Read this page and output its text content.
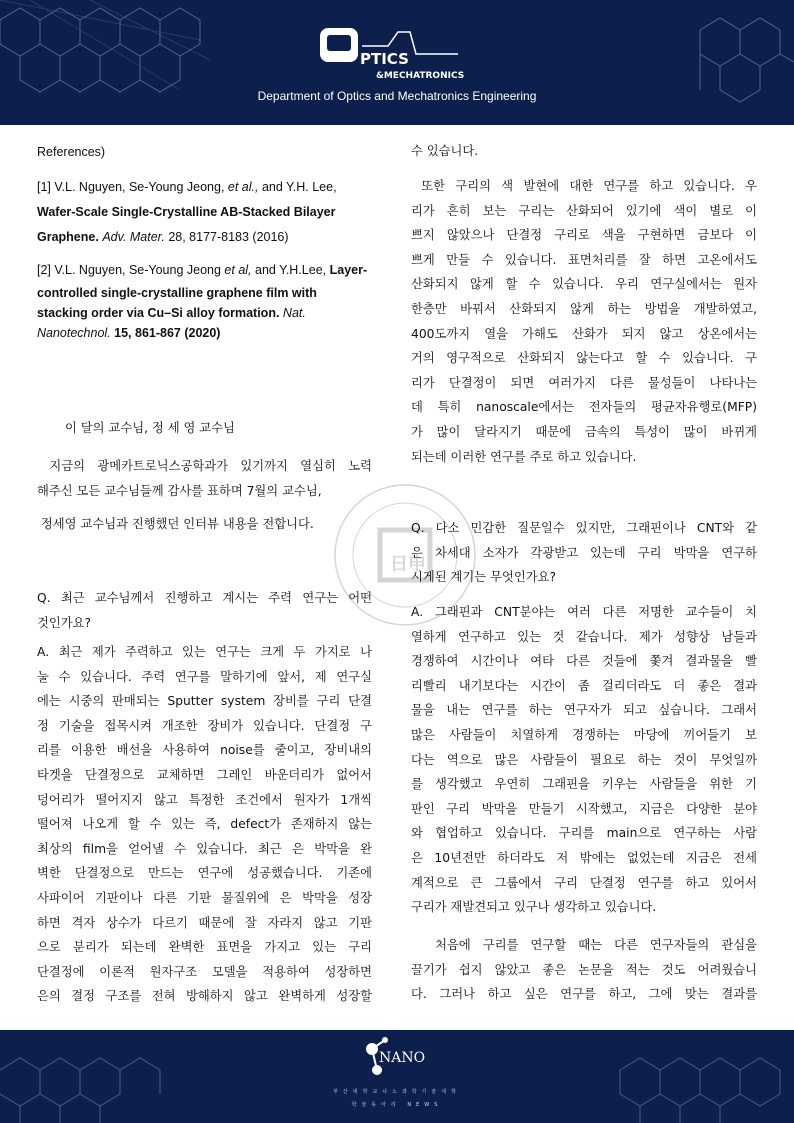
PTICS
&MECHATRONICS
Department of Optics and Mechatronics Engineering
日申
References)
[1] V.L. Nguyen, Se-Young Jeong, et al., and Y.H. Lee,
Wafer-Scale Single-Crystalline AB-Stacked Bilayer
Graphene. Adv. Mater. 28, 8177-8183 (2016)
[2] V.L. Nguyen, Se-Young Jeong et al, and Y.H.Lee, Layer-
controlled single-crystalline graphene film with
stacking order via Cu–Si alloy formation. Nat.
Nanotechnol. 15, 861-867 (2020)
이 달의 교수님, 정 세 영 교수님
지금의 광메카트로닉스공학과가 있기까지 열심히 노력
해주신 모든 교수님들께 감사를 표하며 7월의 교수님,
정세영 교수님과 진행했던 인터뷰 내용을 전합니다.
Q. 최근 교수님께서 진행하고 계시는 주력 연구는 어떤
것인가요?
A. 최근 제가 주력하고 있는 연구는 크게 두 가지로 나
눌 수 있습니다. 주력 연구를 말하기에 앞서, 제 연구실
에는 시중의 판매되는 Sputter system 장비를 구리 단결
정 기술을 접목시켜 개조한 장비가 있습니다. 단결정 구
리를 이용한 배선을 사용하여 noise를 줄이고, 장비내의
타겟을 단결정으로 교체하면 그레인 바운더리가 없어서
덩어리가 떨어지지 않고 특정한 조건에서 원자가 1개씩
떨어져 나오게 할 수 있는 즉, defect가 존재하지 않는
최상의 film을 얻어낼 수 있습니다. 최근 은 박막을 완
벽한 단결정으로 만드는 연구에 성공했습니다. 기존에
사파이어 기판이나 다른 기판 물질위에 은 박막을 성장
하면 격자 상수가 다르기 때문에 잘 자라지 않고 기판
으로 분리가 되는데 완벽한 표면을 가지고 있는 구리
단결정에 이론적 원자구조 모델을 적용하여 성장하면
은의 결정 구조를 전혀 방해하지 않고 완벽하게 성장할
수 있습니다.
또한 구리의 색 발현에 대한 연구를 하고 있습니다. 우
리가 흔히 보는 구리는 산화되어 있기에 색이 별로 이
쁘지 않았으나 단결정 구리로 색을 구현하면 금보다 이
쁘게 만들 수 있습니다. 표면처리를 잘 하면 고온에서도
산화되지 않게 할 수 있습니다. 우리 연구실에서는 원자
한층만 바꿔서 산화되지 않게 하는 방법을 개발하였고,
400도까지 열을 가해도 산화가 되지 않고 상온에서는
거의 영구적으로 산화되지 않는다고 할 수 있습니다. 구
리가 단결정이 되면 여러가지 다른 물성들이 나타나는
데 특히 nanoscale에서는 전자들의 평균자유행로(MFP)
가 많이 달라지기 때문에 금속의 특성이 많이 바뀌게
되는데 이러한 연구를 주로 하고 있습니다.
Q. 다소 민감한 질문일수 있지만, 그래핀이나 CNT와 같
은 차세대 소자가 각광받고 있는데 구리 박막을 연구하
시게된 계기는 무엇인가요?
A. 그래핀과 CNT분야는 여러 다른 저명한 교수들이 치
열하게 연구하고 있는 것 같습니다. 제가 성향상 남들과
경쟁하여 시간이나 여타 다른 것들에 쫓겨 결과물을 빨
리빨리 내기보다는 시간이 좀 걸리더라도 더 좋은 결과
물을 내는 연구를 하는 연구자가 되고 싶습니다. 그래서
많은 사람들이 치열하게 경쟁하는 마당에 끼어들기 보
다는 역으로 많은 사람들이 필요로 하는 것이 무엇일까
를 생각했고 우연히 그래핀을 키우는 사람들을 위한 기
판인 구리 박막을 만들기 시작했고, 지금은 다양한 분야
와 협업하고 있습니다. 구리를 main으로 연구하는 사람
은 10년전만 하더라도 저 밖에는 없었는데 지금은 전세
계적으로 큰 그룹에서 구리 단결정 연구를 하고 있어서
구리가 재발견되고 있구나 생각하고 있습니다.
처음에 구리를 연구할 때는 다른 연구자들의 관심을
끌기가 쉽지 않았고 좋은 논문을 적는 것도 어려웠습니
다. 그러나 하고 싶은 연구를 하고, 그에 맞는 결과를
NANO
부산대학교나노과학기술대학
학술동아리 NEWS
